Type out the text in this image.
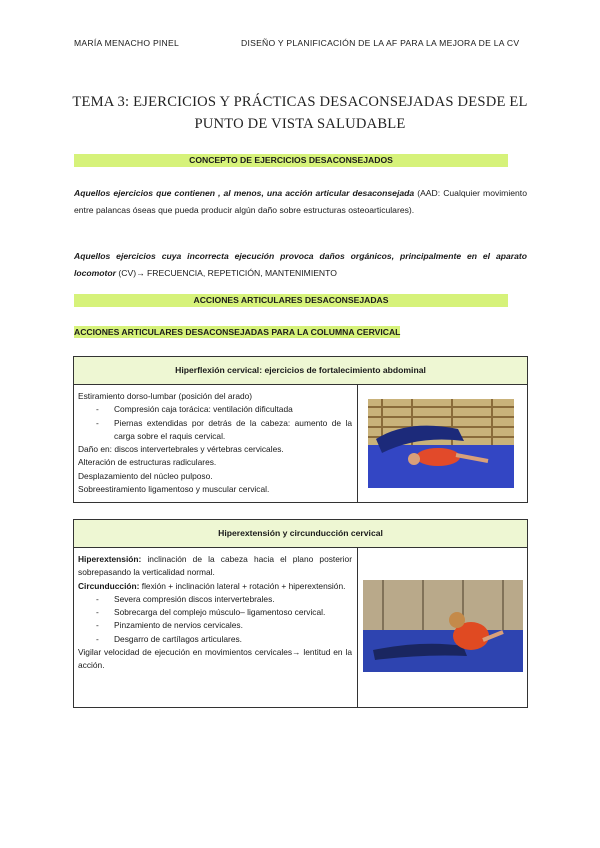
MARÍA MENACHO PINEL	DISEÑO Y PLANIFICACIÓN DE LA AF PARA LA MEJORA DE LA CV
TEMA 3: EJERCICIOS Y PRÁCTICAS DESACONSEJADAS DESDE EL
PUNTO DE VISTA SALUDABLE
CONCEPTO DE EJERCICIOS DESACONSEJADOS
Aquellos ejercicios que contienen , al menos, una acción articular desaconsejada (AAD: Cualquier movimiento entre palancas óseas que pueda producir algún daño sobre estructuras osteoarticulares).
Aquellos ejercicios cuya incorrecta ejecución provoca daños orgánicos, principalmente en el aparato locomotor (CV)→ FRECUENCIA, REPETICIÓN, MANTENIMIENTO
ACCIONES ARTICULARES DESACONSEJADAS
ACCIONES ARTICULARES DESACONSEJADAS PARA LA COLUMNA CERVICAL
Hiperflexión cervical: ejercicios de fortalecimiento abdominal
Estiramiento dorso-lumbar (posición del arado)
- Compresión caja torácica: ventilación dificultada
- Piernas extendidas por detrás de la cabeza: aumento de la carga sobre el raquis cervical.
Daño en: discos intervertebrales y vértebras cervicales.
Alteración de estructuras radiculares.
Desplazamiento del núcleo pulposo.
Sobreestiramiento ligamentoso y muscular cervical.
Hiperextensión y circunducción cervical
Hiperextensión: inclinación de la cabeza hacia el plano posterior sobrepasando la verticalidad normal.
Circunducción: flexión + inclinación lateral + rotación + hiperextensión.
- Severa compresión discos intervertebrales.
- Sobrecarga del complejo músculo– ligamentoso cervical.
- Pinzamiento de nervios cervicales.
- Desgarro de cartílagos articulares.
Vigilar velocidad de ejecución en movimientos cervicales→ lentitud en la acción.
